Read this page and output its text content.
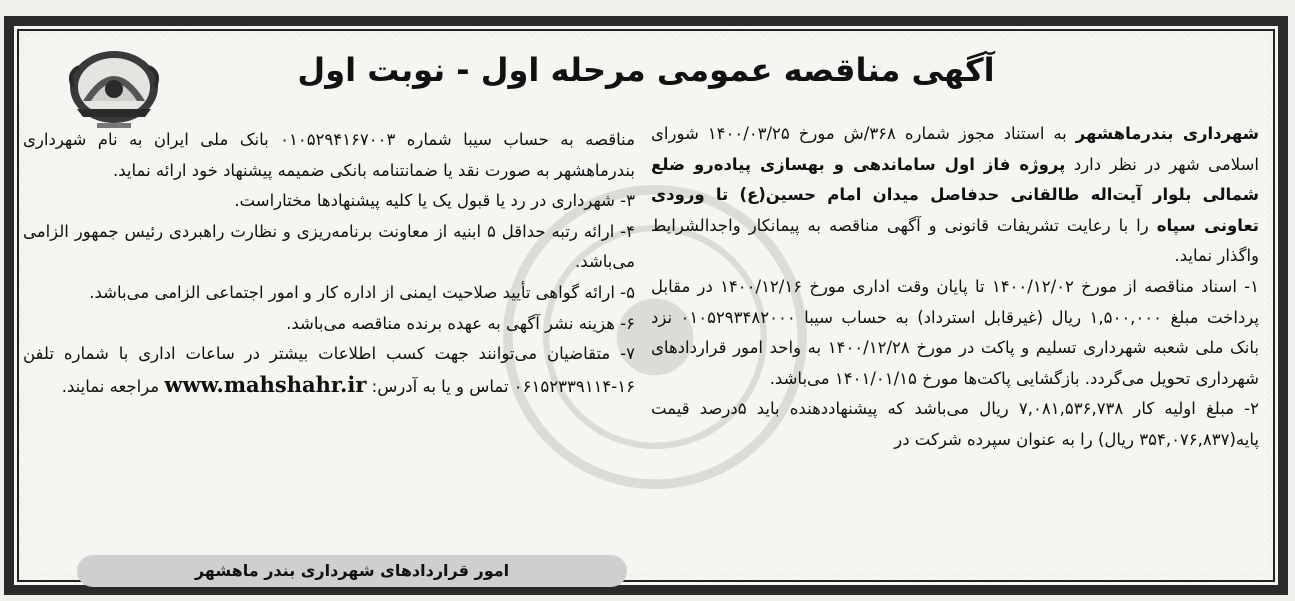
آگهی مناقصه عمومی مرحله اول - نوبت اول

شهرداری بندرماهشهر به استناد مجوز شماره ۳۶۸/ش مورخ ۱۴۰۰/۰۳/۲۵ شورای اسلامی شهر در نظر دارد پروژه فاز اول ساماندهی و بهسازی پیاده‌رو ضلع شمالی بلوار آیت‌اله طالقانی حدفاصل میدان امام حسین(ع) تا ورودی تعاونی سپاه را با رعایت تشریفات قانونی و آگهی مناقصه به پیمانکار واجدالشرایط واگذار نماید.

۱- اسناد مناقصه از مورخ ۱۴۰۰/۱۲/۰۲ تا پایان وقت اداری مورخ ۱۴۰۰/۱۲/۱۶ در مقابل پرداخت مبلغ ۱,۵۰۰,۰۰۰ ریال (غیرقابل استرداد) به حساب سیبا ۰۱۰۵۲۹۳۴۸۲۰۰۰ نزد بانک ملی شعبه شهرداری تسلیم و پاکت در مورخ ۱۴۰۰/۱۲/۲۸ به واحد امور قراردادهای شهرداری تحویل می‌گردد. بازگشایی پاکت‌ها مورخ ۱۴۰۱/۰۱/۱۵ می‌باشد.

۲- مبلغ اولیه کار ۷,۰۸۱,۵۳۶,۷۳۸ ریال می‌باشد که پیشنهاددهنده باید ۵درصد قیمت پایه(۳۵۴,۰۷۶,۸۳۷ ریال) را به عنوان سپرده شرکت در

مناقصه به حساب سیبا شماره ۰۱۰۵۲۹۴۱۶۷۰۰۳ بانک ملی ایران به نام شهرداری بندرماهشهر به صورت نقد یا ضمانتنامه بانکی ضمیمه پیشنهاد خود ارائه نماید.

۳- شهرداری در رد یا قبول یک یا کلیه پیشنهادها مختاراست.

۴- ارائه رتبه حداقل ۵ ابنیه از معاونت برنامه‌ریزی و نظارت راهبردی رئیس جمهور الزامی می‌باشد.

۵- ارائه گواهی تأیید صلاحیت ایمنی از اداره کار و امور اجتماعی الزامی می‌باشد.

۶- هزینه نشر آگهی به عهده برنده مناقصه می‌باشد.

۷- متقاضیان می‌توانند جهت کسب اطلاعات بیشتر در ساعات اداری با شماره تلفن ۱۶-۰۶۱۵۲۳۳۹۱۱۴ تماس و یا به آدرس: www.mahshahr.ir مراجعه نمایند.

امور قراردادهای شهرداری بندر ماهشهر
